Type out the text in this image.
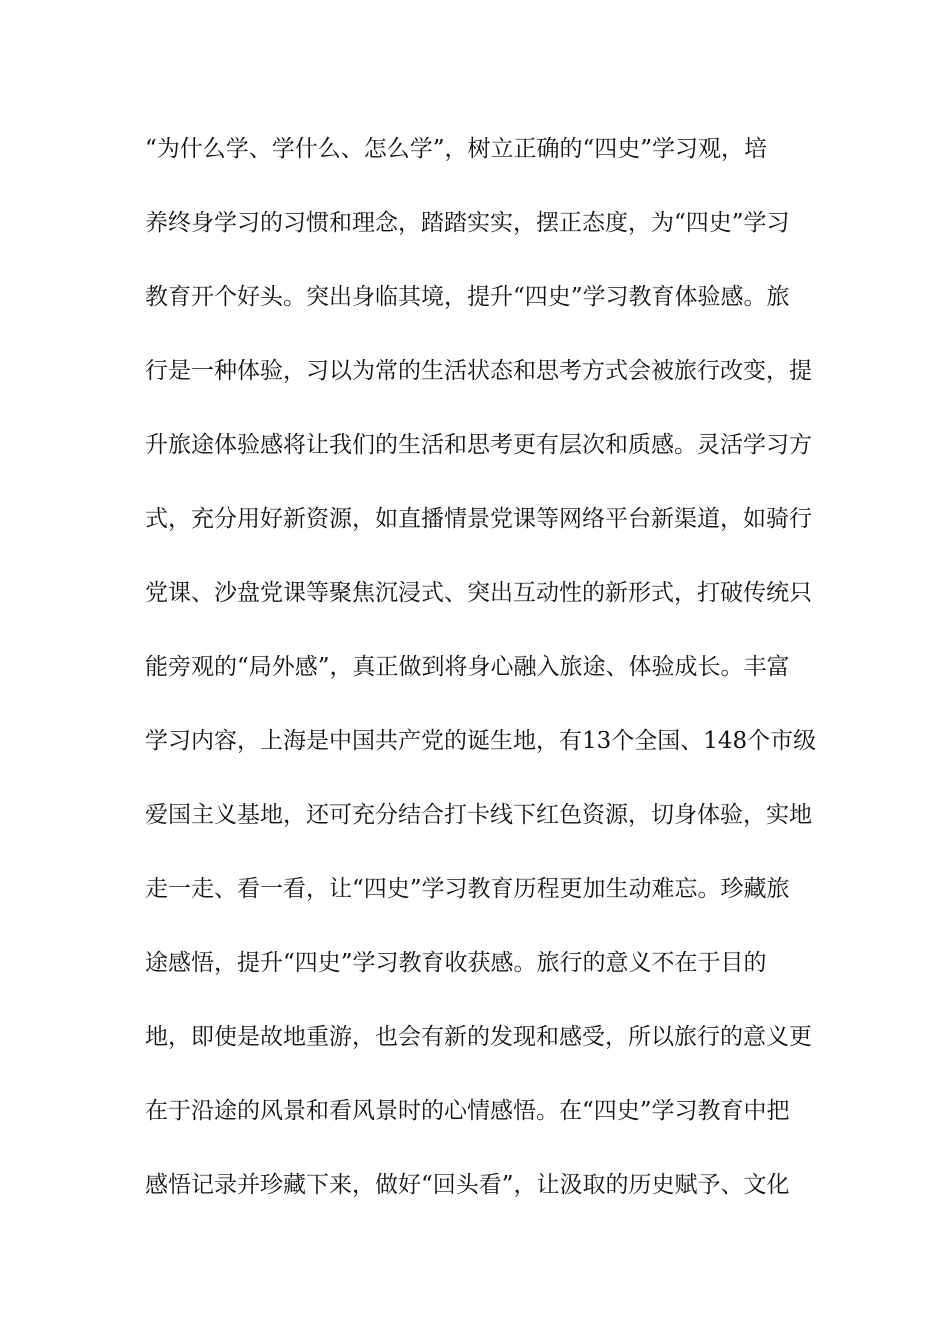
“为什么学、学什么、怎么学”，树立正确的“四史”学习观，培
养终身学习的习惯和理念，踏踏实实，摆正态度，为“四史”学习
教育开个好头。突出身临其境，提升“四史”学习教育体验感。旅
行是一种体验，习以为常的生活状态和思考方式会被旅行改变，提
升旅途体验感将让我们的生活和思考更有层次和质感。灵活学习方
式，充分用好新资源，如直播情景党课等网络平台新渠道，如骑行
党课、沙盘党课等聚焦沉浸式、突出互动性的新形式，打破传统只
能旁观的“局外感”，真正做到将身心融入旅途、体验成长。丰富
学习内容，上海是中国共产党的诞生地，有13个全国、148个市级
爱国主义基地，还可充分结合打卡线下红色资源，切身体验，实地
走一走、看一看，让“四史”学习教育历程更加生动难忘。珍藏旅
途感悟，提升“四史”学习教育收获感。旅行的意义不在于目的
地，即使是故地重游，也会有新的发现和感受，所以旅行的意义更
在于沿途的风景和看风景时的心情感悟。在“四史”学习教育中把
感悟记录并珍藏下来，做好“回头看”，让汲取的历史赋予、文化
